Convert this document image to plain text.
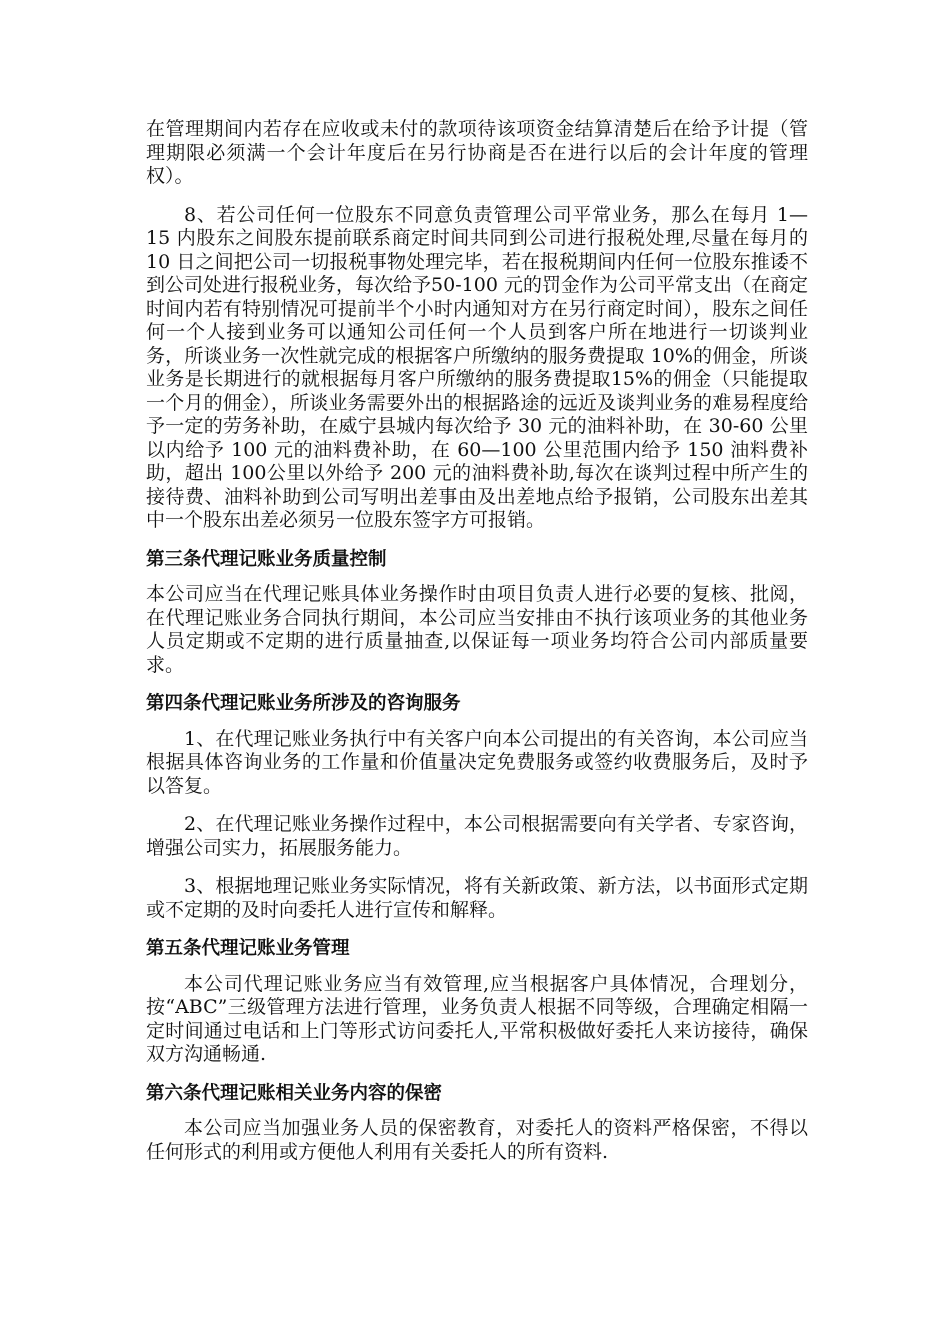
在管理期间内若存在应收或未付的款项待该项资金结算清楚后在给予计提（管理期限必须满一个会计年度后在另行协商是否在进行以后的会计年度的管理权）。

8、若公司任何一位股东不同意负责管理公司平常业务，那么在每月 1—15 内股东之间股东提前联系商定时间共同到公司进行报税处理,尽量在每月的 10 日之间把公司一切报税事物处理完毕，若在报税期间内任何一位股东推诿不到公司处进行报税业务，每次给予50-100 元的罚金作为公司平常支出（在商定时间内若有特别情况可提前半个小时内通知对方在另行商定时间），股东之间任何一个人接到业务可以通知公司任何一个人员到客户所在地进行一切谈判业务，所谈业务一次性就完成的根据客户所缴纳的服务费提取 10%的佣金，所谈业务是长期进行的就根据每月客户所缴纳的服务费提取15%的佣金（只能提取一个月的佣金），所谈业务需要外出的根据路途的远近及谈判业务的难易程度给予一定的劳务补助，在威宁县城内每次给予 30 元的油料补助，在 30-60 公里以内给予 100 元的油料费补助，在 60—100 公里范围内给予 150 油料费补助，超出 100公里以外给予 200 元的油料费补助,每次在谈判过程中所产生的接待费、油料补助到公司写明出差事由及出差地点给予报销，公司股东出差其中一个股东出差必须另一位股东签字方可报销。

第三条代理记账业务质量控制

本公司应当在代理记账具体业务操作时由项目负责人进行必要的复核、批阅，在代理记账业务合同执行期间，本公司应当安排由不执行该项业务的其他业务人员定期或不定期的进行质量抽查,以保证每一项业务均符合公司内部质量要求。

第四条代理记账业务所涉及的咨询服务

1、在代理记账业务执行中有关客户向本公司提出的有关咨询，本公司应当根据具体咨询业务的工作量和价值量决定免费服务或签约收费服务后，及时予以答复。

2、在代理记账业务操作过程中，本公司根据需要向有关学者、专家咨询，增强公司实力，拓展服务能力。

3、根据地理记账业务实际情况，将有关新政策、新方法，以书面形式定期或不定期的及时向委托人进行宣传和解释。

第五条代理记账业务管理

本公司代理记账业务应当有效管理,应当根据客户具体情况，合理划分，按“ABC”三级管理方法进行管理，业务负责人根据不同等级，合理确定相隔一定时间通过电话和上门等形式访问委托人,平常积极做好委托人来访接待，确保双方沟通畅通.

第六条代理记账相关业务内容的保密

本公司应当加强业务人员的保密教育，对委托人的资料严格保密，不得以任何形式的利用或方便他人利用有关委托人的所有资料.
